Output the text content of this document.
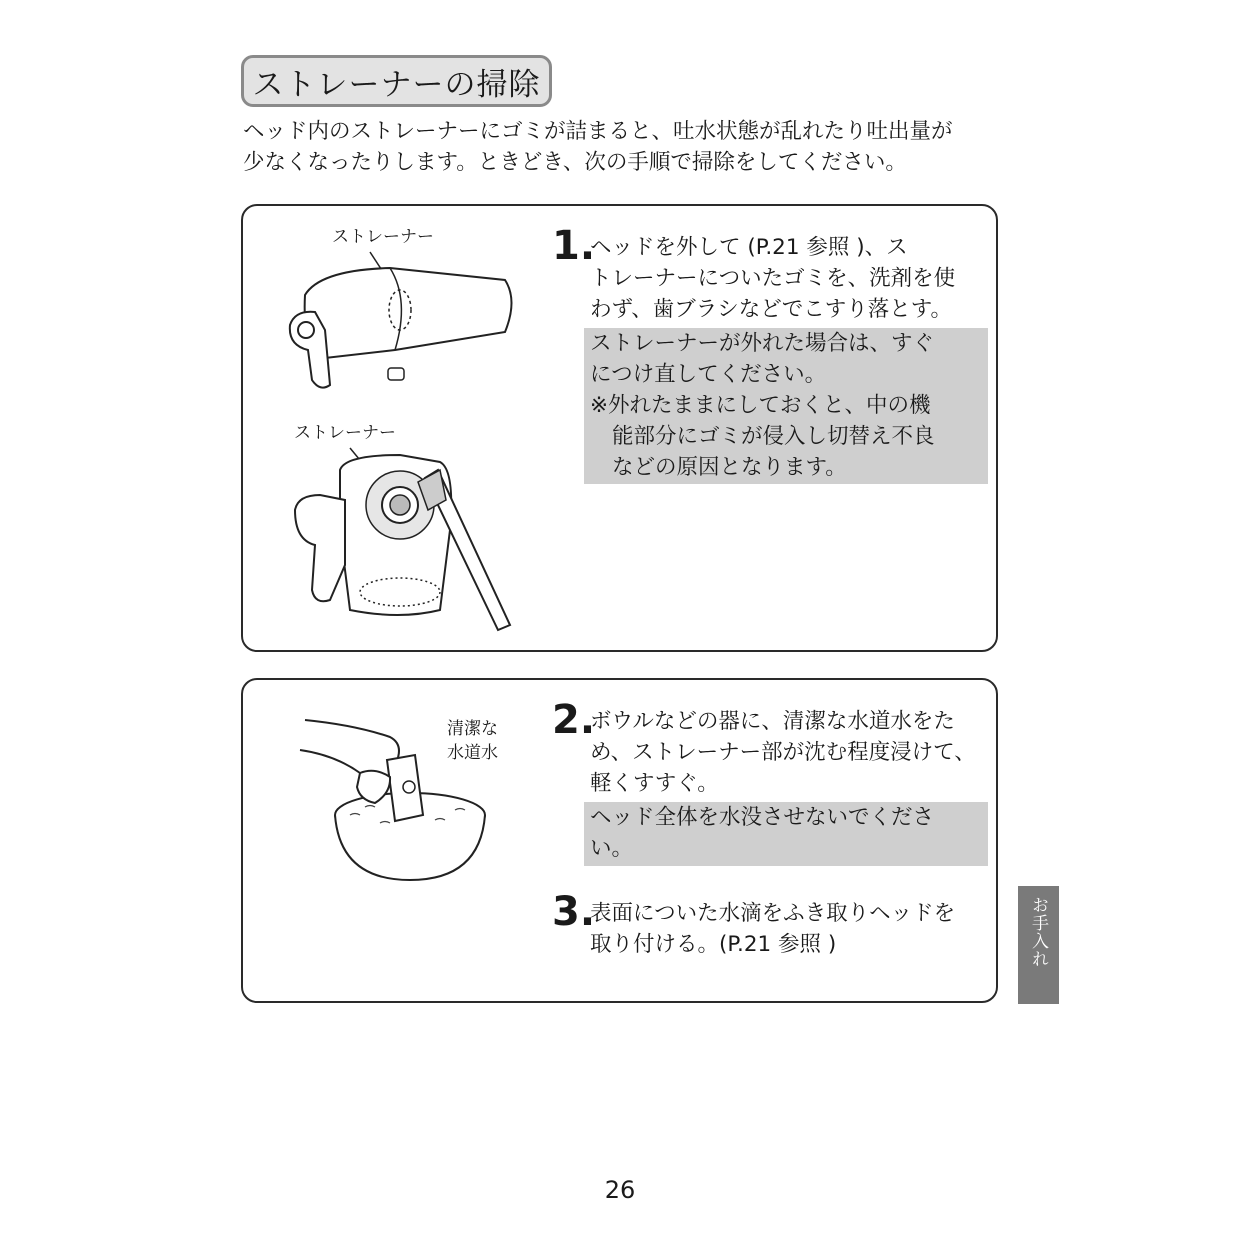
ストレーナーの掃除
ヘッド内のストレーナーにゴミが詰まると、吐水状態が乱れたり吐出量が
少なくなったりします。ときどき、次の手順で掃除をしてください。
ストレーナー
ストレーナー
1.
ヘッドを外して (P.21 参照 )、ス
トレーナーについたゴミを、洗剤を使
わず、歯ブラシなどでこすり落とす。
ストレーナーが外れた場合は、すぐ
につけ直してください。
※外れたままにしておくと、中の機
能部分にゴミが侵入し切替え不良
などの原因となります。
清潔な
水道水
2.
ボウルなどの器に、清潔な水道水をた
め、ストレーナー部が沈む程度浸けて、
軽くすすぐ。
ヘッド全体を水没させないでくださ
い。
3.
表面についた水滴をふき取りヘッドを
取り付ける。(P.21 参照 )	お手入れ
26
